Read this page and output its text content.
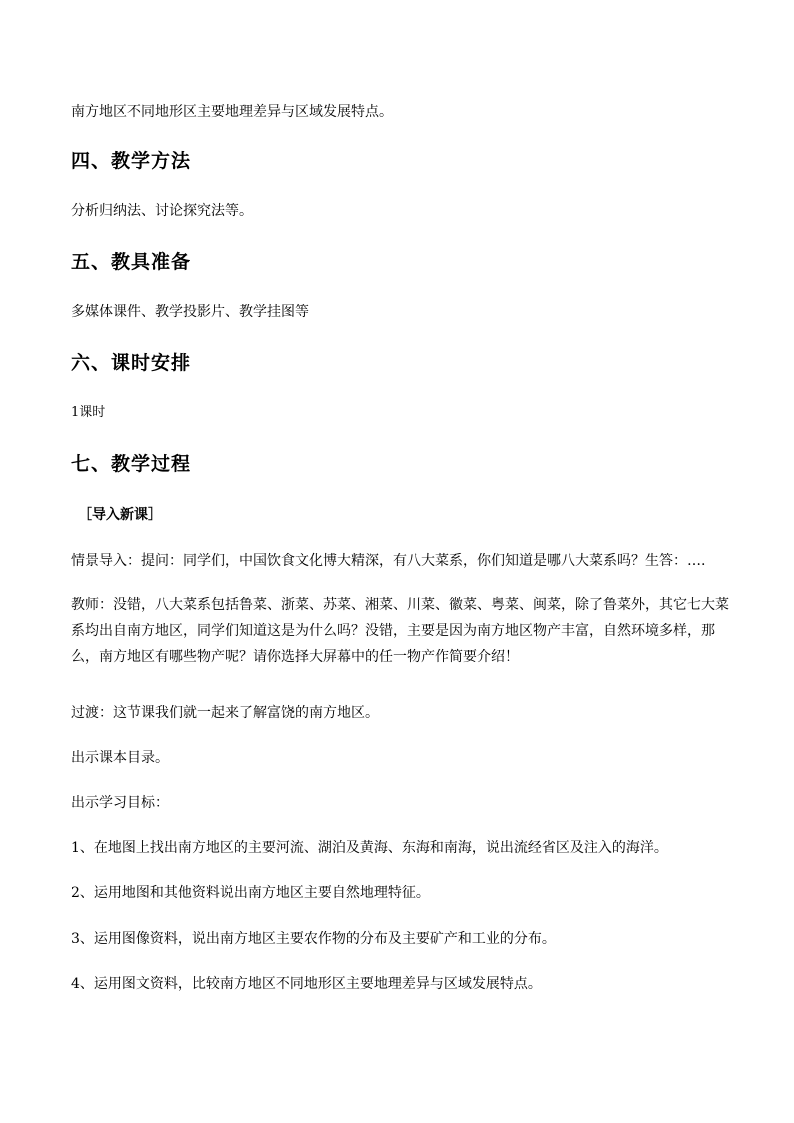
南方地区不同地形区主要地理差异与区域发展特点。
四、教学方法
分析归纳法、讨论探究法等。
五、教具准备
多媒体课件、教学投影片、教学挂图等
六、课时安排
1课时
七、教学过程
［导入新课］
情景导入：提问：同学们，中国饮食文化博大精深，有八大菜系，你们知道是哪八大菜系吗？生答：….
教师：没错，八大菜系包括鲁菜、浙菜、苏菜、湘菜、川菜、徽菜、粤菜、闽菜，除了鲁菜外，其它七大菜系均出自南方地区，同学们知道这是为什么吗？没错，主要是因为南方地区物产丰富，自然环境多样，那么，南方地区有哪些物产呢？请你选择大屏幕中的任一物产作简要介绍！
过渡：这节课我们就一起来了解富饶的南方地区。
出示课本目录。
出示学习目标：
1、在地图上找出南方地区的主要河流、湖泊及黄海、东海和南海，说出流经省区及注入的海洋。
2、运用地图和其他资料说出南方地区主要自然地理特征。
3、运用图像资料，说出南方地区主要农作物的分布及主要矿产和工业的分布。
4、运用图文资料，比较南方地区不同地形区主要地理差异与区域发展特点。
